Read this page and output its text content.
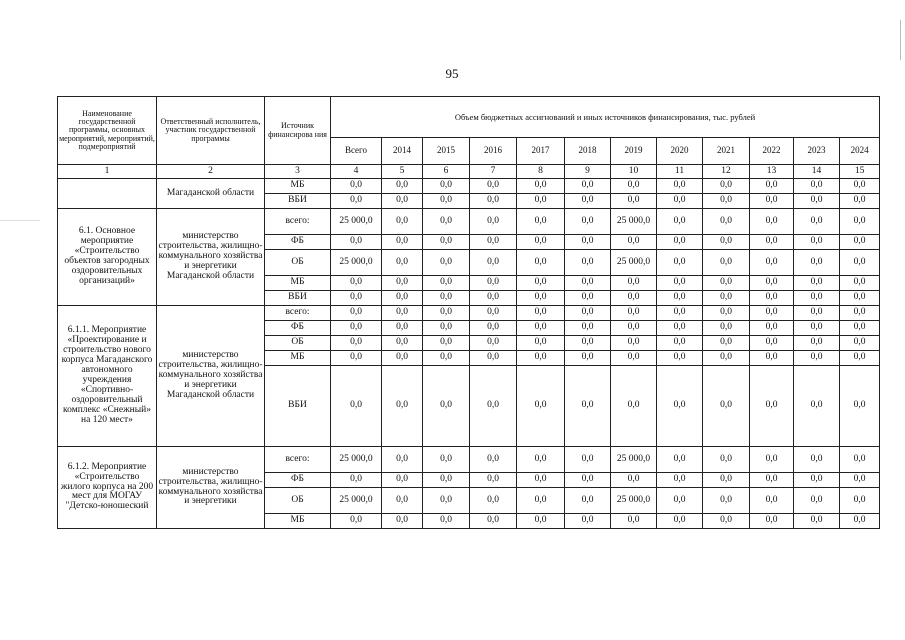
95
Наименование государственной программы, основных мероприятий, мероприятий, подмероприятий	Ответственный исполнитель, участник государственной программы	Источник финансирова ния	Объем бюджетных ассигнований и иных источников финансирования, тыс. рублей											
			Всего	2014	2015	2016	2017	2018	2019	2020	2021	2022	2023	2024
1	2	3	4	5	6	7	8	9	10	11	12	13	14	15
	Магаданской области	МБ	0,0	0,0	0,0	0,0	0,0	0,0	0,0	0,0	0,0	0,0	0,0	0,0
		ВБИ	0,0	0,0	0,0	0,0	0,0	0,0	0,0	0,0	0,0	0,0	0,0	0,0
6.1. Основное мероприятие «Строительство объектов загородных оздоровительных организаций»	министерство строительства, жилищно-коммунального хозяйства и энергетики Магаданской области	всего:	25 000,0	0,0	0,0	0,0	0,0	0,0	25 000,0	0,0	0,0	0,0	0,0	0,0
		ФБ	0,0	0,0	0,0	0,0	0,0	0,0	0,0	0,0	0,0	0,0	0,0	0,0
		ОБ	25 000,0	0,0	0,0	0,0	0,0	0,0	25 000,0	0,0	0,0	0,0	0,0	0,0
		МБ	0,0	0,0	0,0	0,0	0,0	0,0	0,0	0,0	0,0	0,0	0,0	0,0
		ВБИ	0,0	0,0	0,0	0,0	0,0	0,0	0,0	0,0	0,0	0,0	0,0	0,0
6.1.1. Мероприятие «Проектирование и строительство нового корпуса Магаданского автономного учреждения «Спортивно-оздоровительный комплекс «Снежный» на 120 мест»	министерство строительства, жилищно-коммунального хозяйства и энергетики Магаданской области	всего:	0,0	0,0	0,0	0,0	0,0	0,0	0,0	0,0	0,0	0,0	0,0	0,0
		ФБ	0,0	0,0	0,0	0,0	0,0	0,0	0,0	0,0	0,0	0,0	0,0	0,0
		ОБ	0,0	0,0	0,0	0,0	0,0	0,0	0,0	0,0	0,0	0,0	0,0	0,0
		МБ	0,0	0,0	0,0	0,0	0,0	0,0	0,0	0,0	0,0	0,0	0,0	0,0
		ВБИ	0,0	0,0	0,0	0,0	0,0	0,0	0,0	0,0	0,0	0,0	0,0	0,0
6.1.2. Мероприятие «Строительство жилого корпуса на 200 мест для МОГАУ "Детско-юношеский	министерство строительства, жилищно-коммунального хозяйства и энергетики	всего:	25 000,0	0,0	0,0	0,0	0,0	0,0	25 000,0	0,0	0,0	0,0	0,0	0,0
		ФБ	0,0	0,0	0,0	0,0	0,0	0,0	0,0	0,0	0,0	0,0	0,0	0,0
		ОБ	25 000,0	0,0	0,0	0,0	0,0	0,0	25 000,0	0,0	0,0	0,0	0,0	0,0
		МБ	0,0	0,0	0,0	0,0	0,0	0,0	0,0	0,0	0,0	0,0	0,0	0,0
